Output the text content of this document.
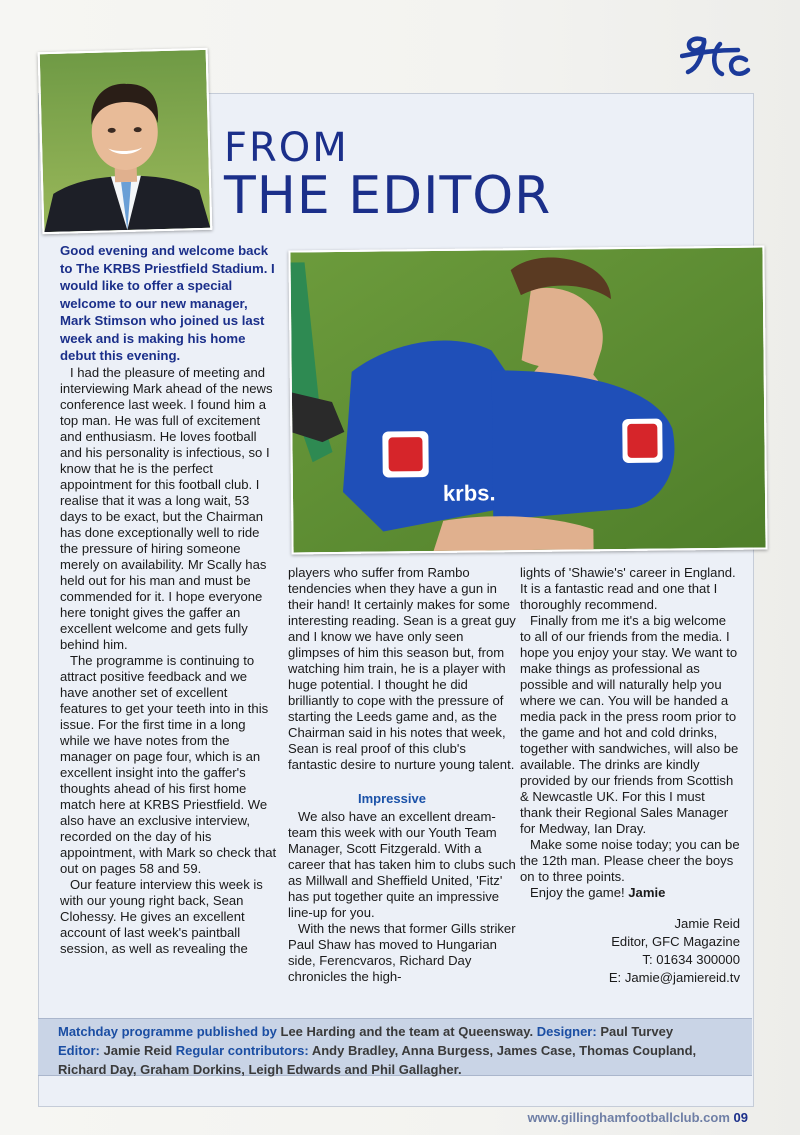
FROM
THE EDITOR
krbs.

Good evening and welcome back to The KRBS Priestfield Stadium. I would like to offer a special welcome to our new manager, Mark Stimson who joined us last week and is making his home debut this evening.

I had the pleasure of meeting and interviewing Mark ahead of the news conference last week. I found him a top man. He was full of excitement and enthusiasm. He loves football and his personality is infectious, so I know that he is the perfect appointment for this football club. I realise that it was a long wait, 53 days to be exact, but the Chairman has done exceptionally well to ride the pressure of hiring someone merely on availability. Mr Scally has held out for his man and must be commended for it. I hope everyone here tonight gives the gaffer an excellent welcome and gets fully behind him.

The programme is continuing to attract positive feedback and we have another set of excellent features to get your teeth into in this issue. For the first time in a long while we have notes from the manager on page four, which is an excellent insight into the gaffer's thoughts ahead of his first home match here at KRBS Priestfield. We also have an exclusive interview, recorded on the day of his appointment, with Mark so check that out on pages 58 and 59.

Our feature interview this week is with our young right back, Sean Clohessy. He gives an excellent account of last week's paintball session, as well as revealing the

players who suffer from Rambo tendencies when they have a gun in their hand! It certainly makes for some interesting reading. Sean is a great guy and I know we have only seen glimpses of him this season but, from watching him train, he is a player with huge potential. I thought he did brilliantly to cope with the pressure of starting the Leeds game and, as the Chairman said in his notes that week, Sean is real proof of this club's fantastic desire to nurture young talent.

Impressive

We also have an excellent dream-team this week with our Youth Team Manager, Scott Fitzgerald. With a career that has taken him to clubs such as Millwall and Sheffield United, 'Fitz' has put together quite an impressive line-up for you.

With the news that former Gills striker Paul Shaw has moved to Hungarian side, Ferencvaros, Richard Day chronicles the high-

lights of 'Shawie's' career in England. It is a fantastic read and one that I thoroughly recommend.

Finally from me it's a big welcome to all of our friends from the media. I hope you enjoy your stay. We want to make things as professional as possible and will naturally help you where we can. You will be handed a media pack in the press room prior to the game and hot and cold drinks, together with sandwiches, will also be available. The drinks are kindly provided by our friends from Scottish & Newcastle UK. For this I must thank their Regional Sales Manager for Medway, Ian Dray.

Make some noise today; you can be the 12th man. Please cheer the boys on to three points.

Enjoy the game! Jamie

Jamie Reid
Editor, GFC Magazine
T: 01634 300000
E: Jamie@jamiereid.tv

Matchday programme published by Lee Harding and the team at Queensway. Designer: Paul Turvey
Editor: Jamie Reid Regular contributors: Andy Bradley, Anna Burgess, James Case, Thomas Coupland,
Richard Day, Graham Dorkins, Leigh Edwards and Phil Gallagher.
www.gillinghamfootballclub.com 09
